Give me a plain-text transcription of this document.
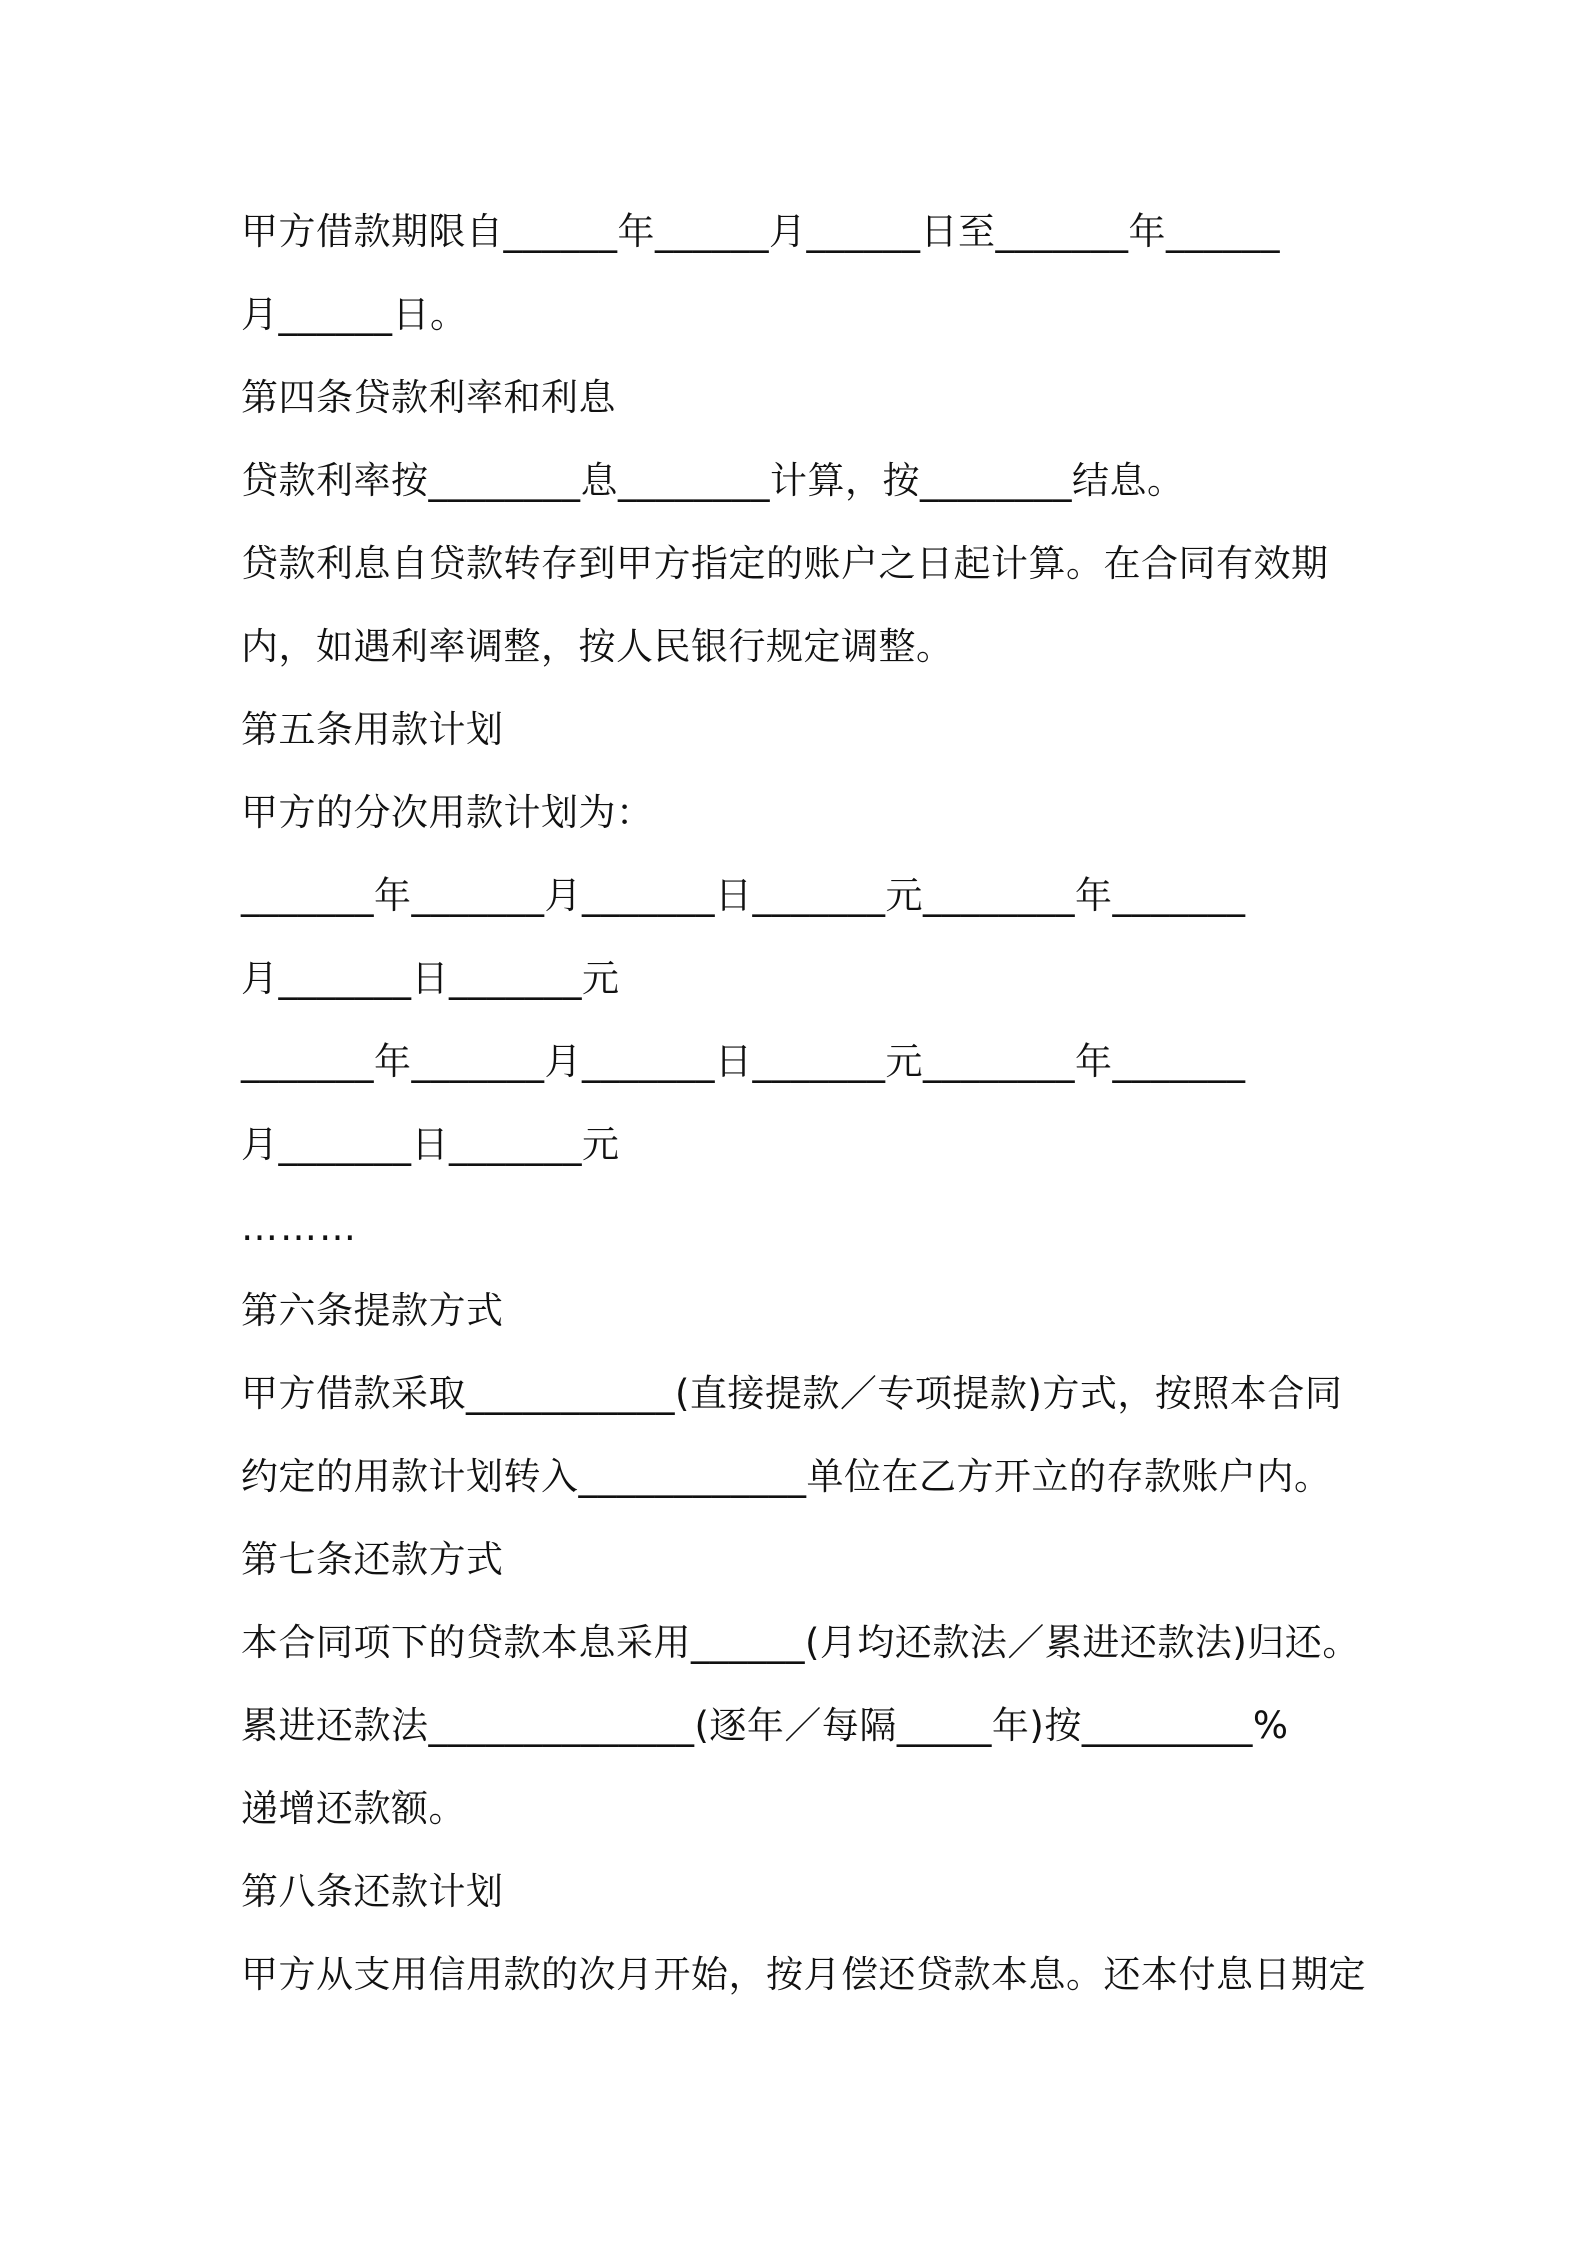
甲方借款期限自______年______月______日至_______年______
月______日。
第四条贷款利率和利息
贷款利率按________息________计算，按________结息。
贷款利息自贷款转存到甲方指定的账户之日起计算。在合同有效期
内，如遇利率调整，按人民银行规定调整。
第五条用款计划
甲方的分次用款计划为：
_______年_______月_______日_______元________年_______
月_______日_______元
_______年_______月_______日_______元________年_______
月_______日_______元
………
第六条提款方式
甲方借款采取___________(直接提款／专项提款)方式，按照本合同
约定的用款计划转入____________单位在乙方开立的存款账户内。
第七条还款方式
本合同项下的贷款本息采用______(月均还款法／累进还款法)归还。
累进还款法______________(逐年／每隔_____年)按_________%
递增还款额。
第八条还款计划
甲方从支用信用款的次月开始，按月偿还贷款本息。还本付息日期定
